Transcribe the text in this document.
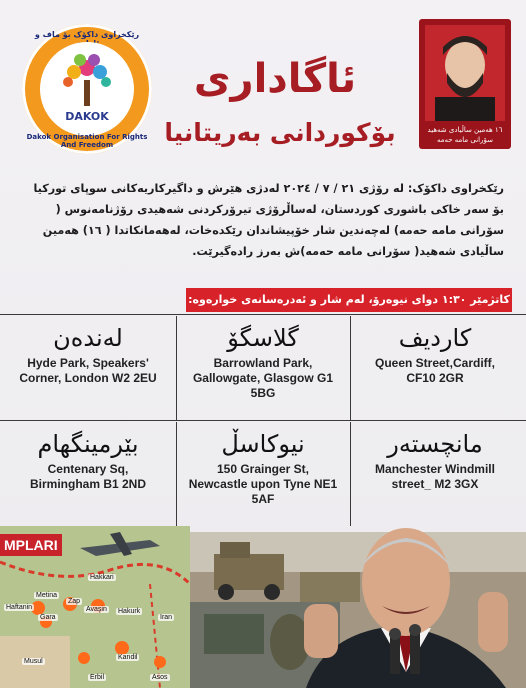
رێکخراوی داکۆک بۆ ماف و
DAKOK
Dakok Organisation For Rights And Freedom
ئاگاداری
بۆکوردانی بەریتانیا	١٦ هەمین ساڵیادی شەهید
سۆرانی مامە حەمە
رێکخراوی داکۆک: لە رۆژی ٢١ / ٧ / ٢٠٢٤ لەدژی هێرش و داگیرکاریەکانی سوپای تورکیا بۆ سەر خاکی باشوری کوردستان، لەساڵرۆژی تیرۆرکردنی شەهیدی رۆژنامەنوس ( سۆرانی مامە حەمە) لەچەندین شار خۆپیشاندان رێکدەخات، لەهەمانکاتدا ( ١٦) هەمین ساڵیادی شەهید( سۆرانی مامە حەمە)ش بەرز رادەگیرێت.
کاتژمێر ١:٣٠ دوای نیوەرۆ، لەم شار و ئەدرەسانەی خوارەوە:
کاردیف
Queen Street,Cardiff, CF10 2GR
گلاسگۆ
Barrowland Park, Gallowgate, Glasgow G1 5BG
لەندەن
Hyde Park, Speakers' Corner, London W2 2EU
مانچستەر
Manchester Windmill street_ M2 3GX
نیوکاسڵ
150 Grainger St, Newcastle upon Tyne NE1 5AF
بێرمینگهام
Centenary Sq, Birmingham B1 2ND
MPLARI
Hakkari
Metina
Haftanin
Gara
Zap
Avaşin Hakurk
Kandil
Iran
Musul
Erbil	Asos
